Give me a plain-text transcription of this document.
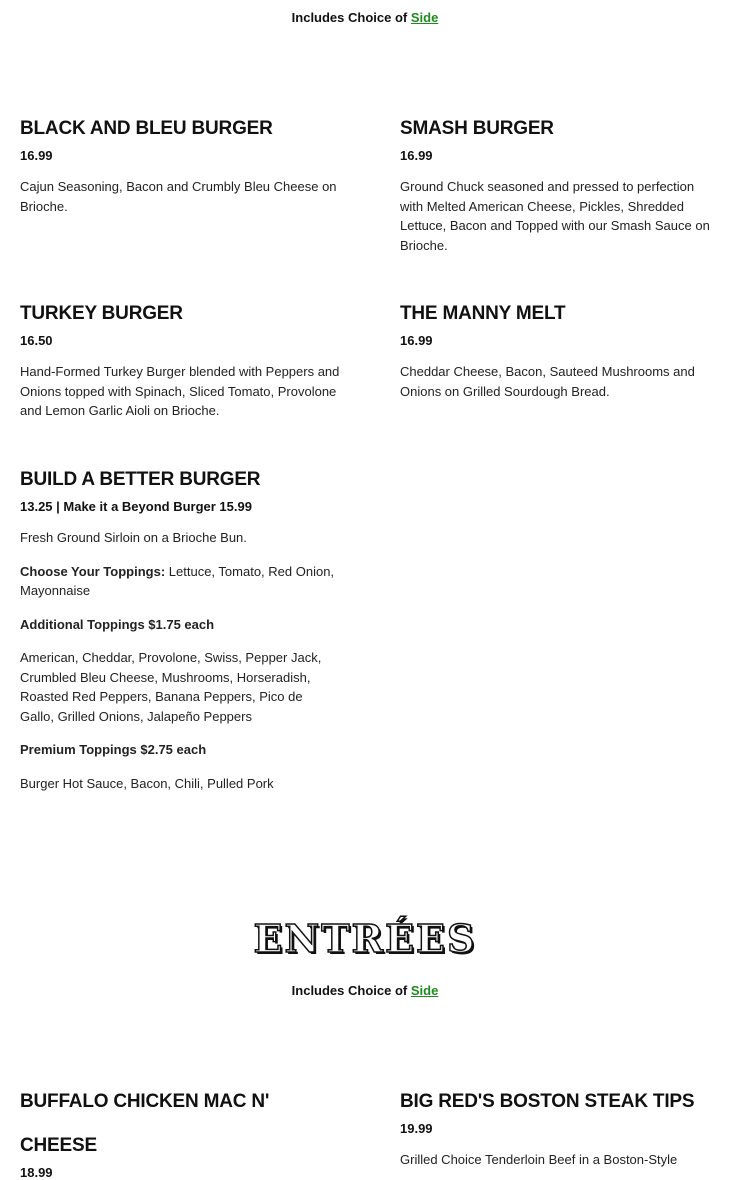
Includes Choice of Side
BLACK AND BLEU BURGER
16.99
Cajun Seasoning, Bacon and Crumbly Bleu Cheese on Brioche.
SMASH BURGER
16.99
Ground Chuck seasoned and pressed to perfection with Melted American Cheese, Pickles, Shredded Lettuce, Bacon and Topped with our Smash Sauce on Brioche.
TURKEY BURGER
16.50
Hand-Formed Turkey Burger blended with Peppers and Onions topped with Spinach, Sliced Tomato, Provolone and Lemon Garlic Aioli on Brioche.
THE MANNY MELT
16.99
Cheddar Cheese, Bacon, Sauteed Mushrooms and Onions on Grilled Sourdough Bread.
BUILD A BETTER BURGER
13.25 | Make it a Beyond Burger 15.99
Fresh Ground Sirloin on a Brioche Bun.
Choose Your Toppings: Lettuce, Tomato, Red Onion, Mayonnaise
Additional Toppings $1.75 each
American, Cheddar, Provolone, Swiss, Pepper Jack, Crumbled Bleu Cheese, Mushrooms, Horseradish, Roasted Red Peppers, Banana Peppers, Pico de Gallo, Grilled Onions, Jalapeño Peppers
Premium Toppings $2.75 each
Burger Hot Sauce, Bacon, Chili, Pulled Pork
ENTRÉES
Includes Choice of Side
BUFFALO CHICKEN MAC N'
CHEESE
18.99
BIG RED'S BOSTON STEAK TIPS
19.99
Grilled Choice Tenderloin Beef in a Boston-Style
